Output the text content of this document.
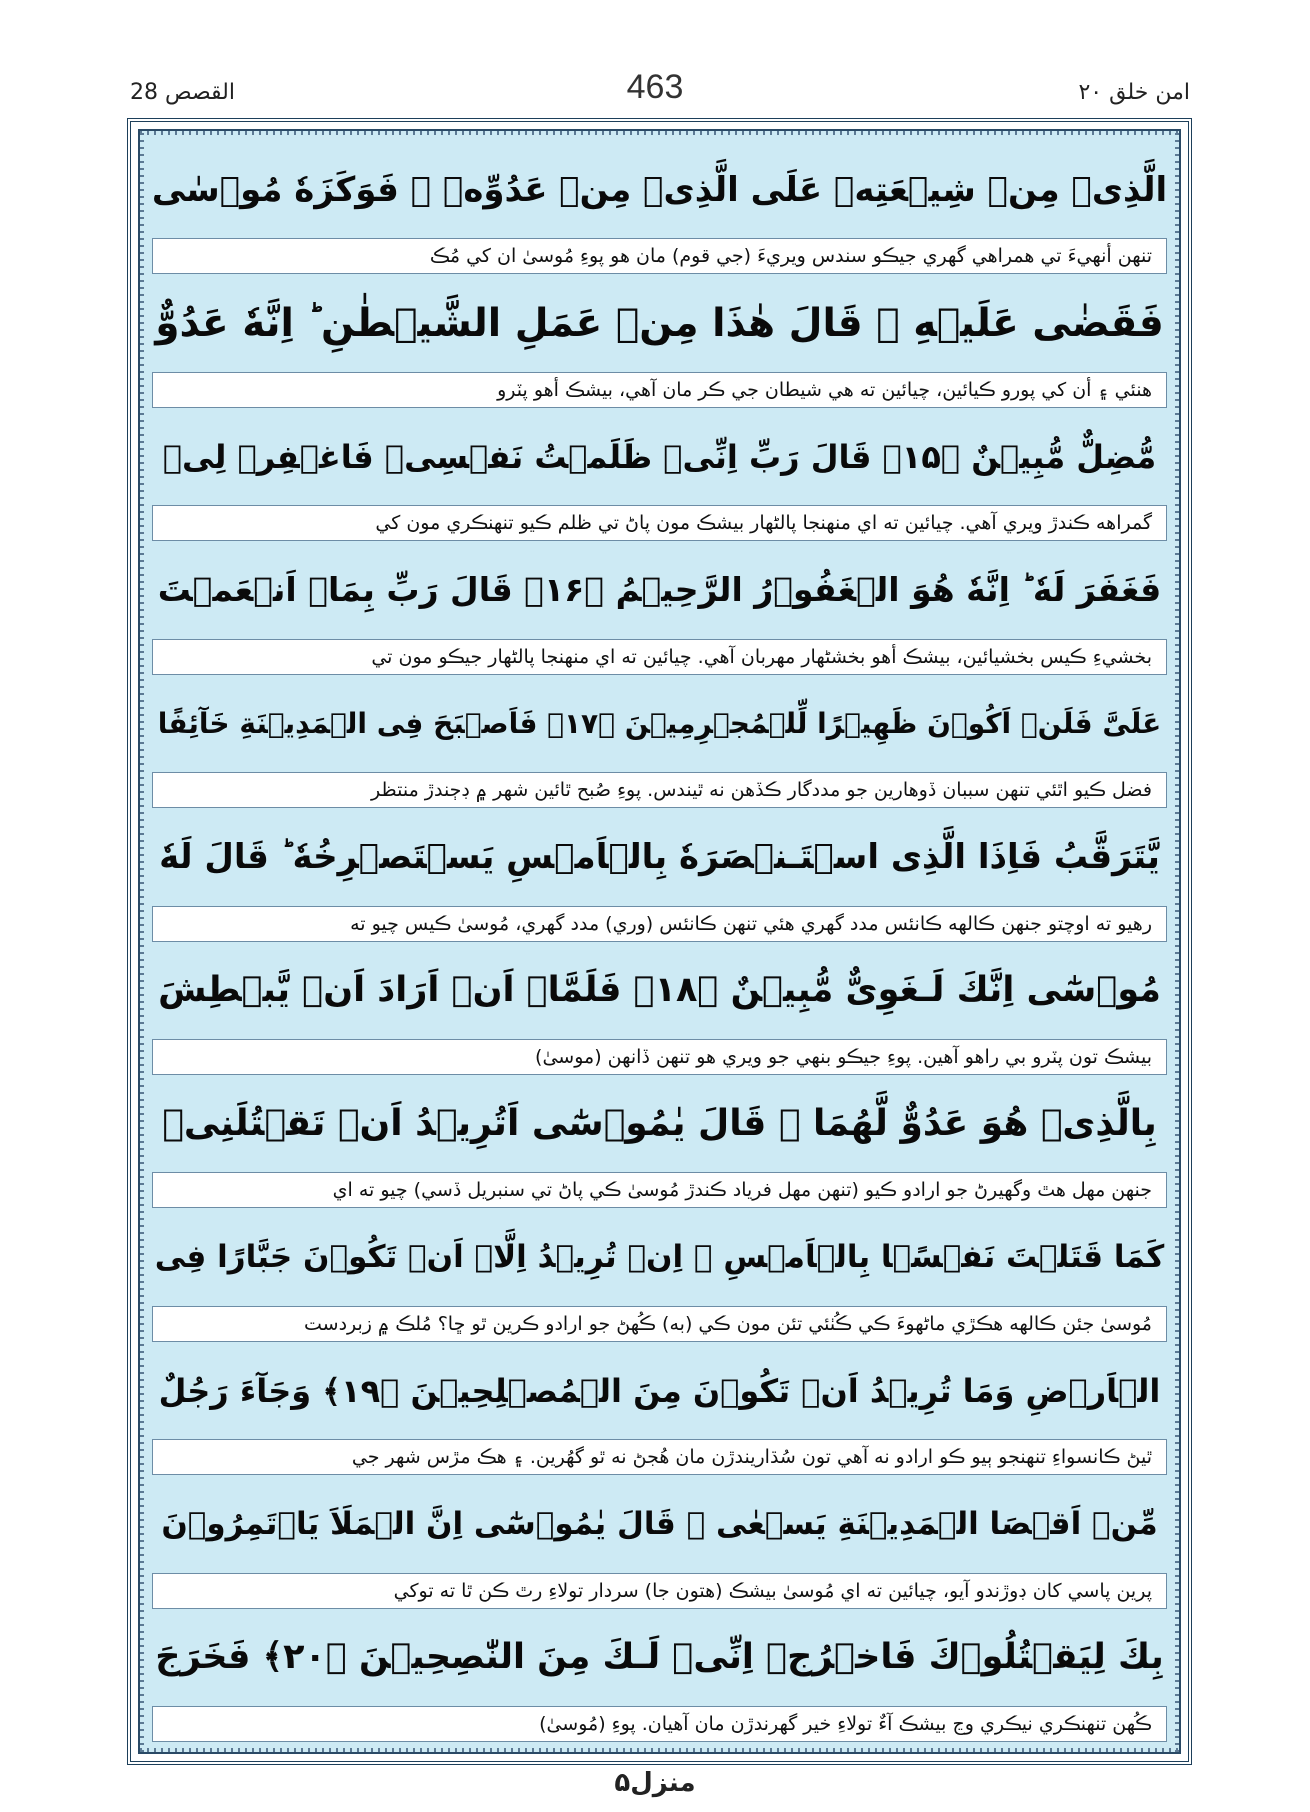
القصص 28	463	امن خلق ٢٠
الَّذِىۡ مِنۡ شِيۡعَتِهٖ عَلَى الَّذِىۡ مِنۡ عَدُوِّهٖ ۙ فَوَكَزَهٗ مُوۡسٰى
تنهن أنهيءَ تي همراهي گهري جيڪو سندس ويريءَ (جي قوم) مان هو پوءِ مُوسىٰ ان کي مُڪ
فَقَضٰى عَلَيۡهِ ۖ قَالَ هٰذَا مِنۡ عَمَلِ الشَّيۡطٰنِ ؕ اِنَّهٗ عَدُوٌّ
هنئي ۽ أن کي پورو ڪيائين، چيائين ته هي شيطان جي ڪر مان آهي، بيشڪ أهو پٽرو
مُّضِلٌّ مُّبِيۡنٌ ﴿۱۵﴾ قَالَ رَبِّ اِنِّىۡ ظَلَمۡتُ نَفۡسِىۡ فَاغۡفِرۡ لِىۡ
گمراهه ڪندڙ ويري آهي. چيائين ته اي منهنجا پالڻهار بيشڪ مون پاڻ تي ظلم ڪيو تنهنڪري مون کي
فَغَفَرَ لَهٗ ؕ اِنَّهٗ هُوَ الۡغَفُوۡرُ الرَّحِيۡمُ ﴿۱۶﴾ قَالَ رَبِّ بِمَاۤ اَنۡعَمۡتَ
بخشيءِ ڪيس بخشيائين، بيشڪ أهو بخشڻهار مهربان آهي. چيائين ته اي منهنجا پالڻهار جيڪو مون تي
عَلَىَّ فَلَنۡ اَكُوۡنَ ظَهِيۡرًا لِّلۡمُجۡرِمِيۡنَ ﴿۱۷﴾ فَاَصۡبَحَ فِى الۡمَدِيۡنَةِ خَآئِفًا
فضل ڪيو اٿئي تنهن سببان ڏوهارين جو مددگار ڪڏهن نه ٿيندس. پوءِ صُبح ٿائين شهر ۾ ڊڄندڙ منتظر
يَّتَرَقَّبُ فَاِذَا الَّذِى اسۡتَـنۡصَرَهٗ بِالۡاَمۡسِ يَسۡتَصۡرِخُهٗ ؕ قَالَ لَهٗ
رهيو ته اوچتو جنهن ڪالهه ڪانئس مدد گهري هئي تنهن ڪانئس (وري) مدد گهري، مُوسىٰ ڪيس چيو ته
مُوۡسٰٓى اِنَّكَ لَـغَوِىٌّ مُّبِيۡنٌ ﴿۱۸﴾ فَلَمَّاۤ اَنۡ اَرَادَ اَنۡ يَّبۡطِشَ
بيشڪ تون پٽرو بي راهو آهين. پوءِ جيڪو بنهي جو ويري هو تنهن ڏانهن (موسىٰ)
بِالَّذِىۡ هُوَ عَدُوٌّ لَّهُمَا ۙ قَالَ يٰمُوۡسٰٓى اَتُرِيۡدُ اَنۡ تَقۡتُلَنِىۡ
جنهن مهل هٿ وگهيرڻ جو ارادو ڪيو (تنهن مهل فرياد ڪندڙ مُوسىٰ ڪي پاڻ تي سنبريل ڏسي) چيو ته اي
كَمَا قَتَلۡتَ نَفۡسًۢا بِالۡاَمۡسِ ۖ اِنۡ تُرِيۡدُ اِلَّاۤ اَنۡ تَكُوۡنَ جَبَّارًا فِى
مُوسىٰ جئن ڪالهه هڪڙي ماڻهوءَ ڪي ڪُٺئي تئن مون ڪي (به) ڪُهڻ جو ارادو ڪرين ٿو ڇا؟ مُلڪ ۾ زبردست
الۡاَرۡضِ وَمَا تُرِيۡدُ اَنۡ تَكُوۡنَ مِنَ الۡمُصۡلِحِيۡنَ ﴿۱۹﴾ وَجَآءَ رَجُلٌ
ٿيڻ ڪانسواءِ تنهنجو ٻيو ڪو ارادو نه آهي تون سُڌاريندڙن مان هُجڻ نه ٿو گهُرين. ۽ هڪ مڙس شهر جي
مِّنۡ اَقۡصَا الۡمَدِيۡنَةِ يَسۡعٰى ۖ قَالَ يٰمُوۡسٰٓى اِنَّ الۡمَلَاَ يَاۡتَمِرُوۡنَ
پرين پاسي کان ڊوڙندو آيو، چيائين ته اي مُوسىٰ بيشڪ (هتون جا) سردار تولاءِ رٿ ڪن ٿا ته توکي
بِكَ لِيَقۡتُلُوۡكَ فَاخۡرُجۡ اِنِّىۡ لَـكَ مِنَ النّٰصِحِيۡنَ ﴿۲۰﴾ فَخَرَجَ
ڪُهن تنهنڪري نيڪري وڃ بيشڪ آءٌ تولاءِ خير گهرندڙن مان آهيان. پوءِ (مُوسىٰ)
منزل۵
